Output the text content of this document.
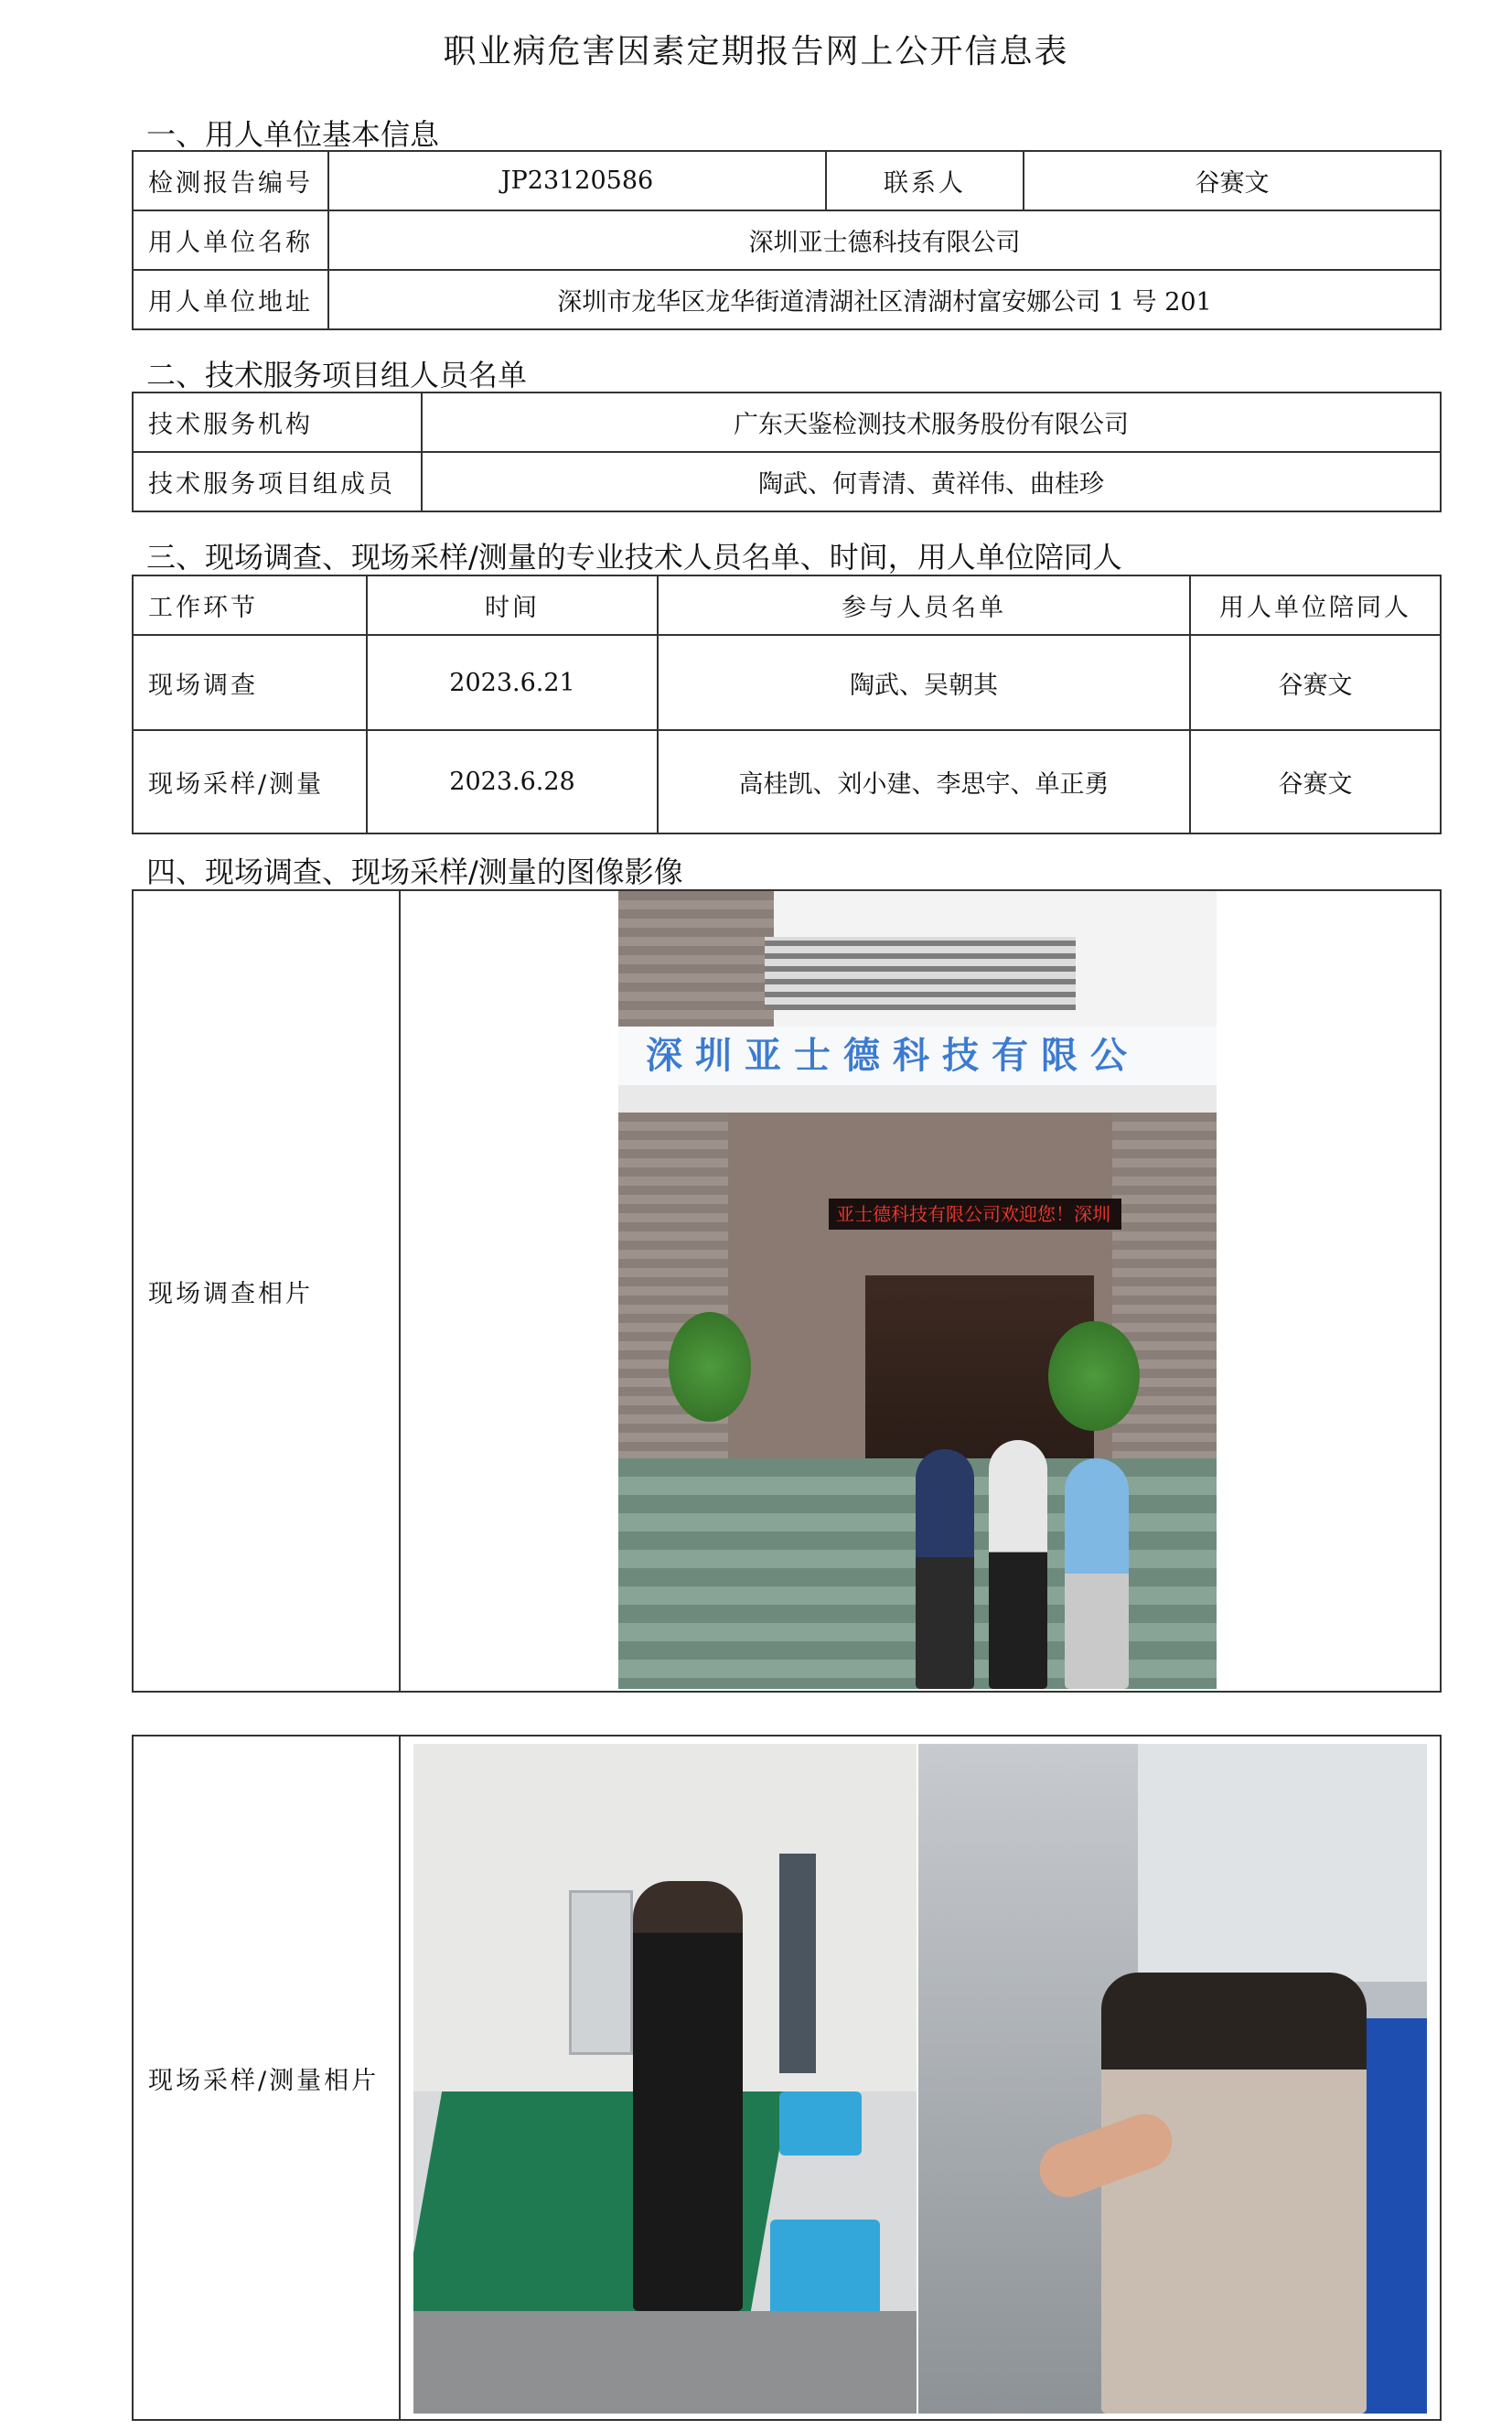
职业病危害因素定期报告网上公开信息表
一、用人单位基本信息
检测报告编号	JP23120586	联系人	谷赛文
用人单位名称	深圳亚士德科技有限公司		
用人单位地址	深圳市龙华区龙华街道清湖社区清湖村富安娜公司 1 号 201		
二、技术服务项目组人员名单
技术服务机构	广东天鉴检测技术服务股份有限公司
技术服务项目组成员	陶武、何青清、黄祥伟、曲桂珍
三、现场调查、现场采样/测量的专业技术人员名单、时间，用人单位陪同人
工作环节	时间	参与人员名单	用人单位陪同人
现场调查	2023.6.21	陶武、吴朝其	谷赛文
现场采样/测量	2023.6.28	高桂凯、刘小建、李思宇、单正勇	谷赛文
四、现场调查、现场采样/测量的图像影像
现场调查相片	
深圳亚士德科技有限公
亚士德科技有限公司欢迎您！深圳
现场采样/测量相片	
